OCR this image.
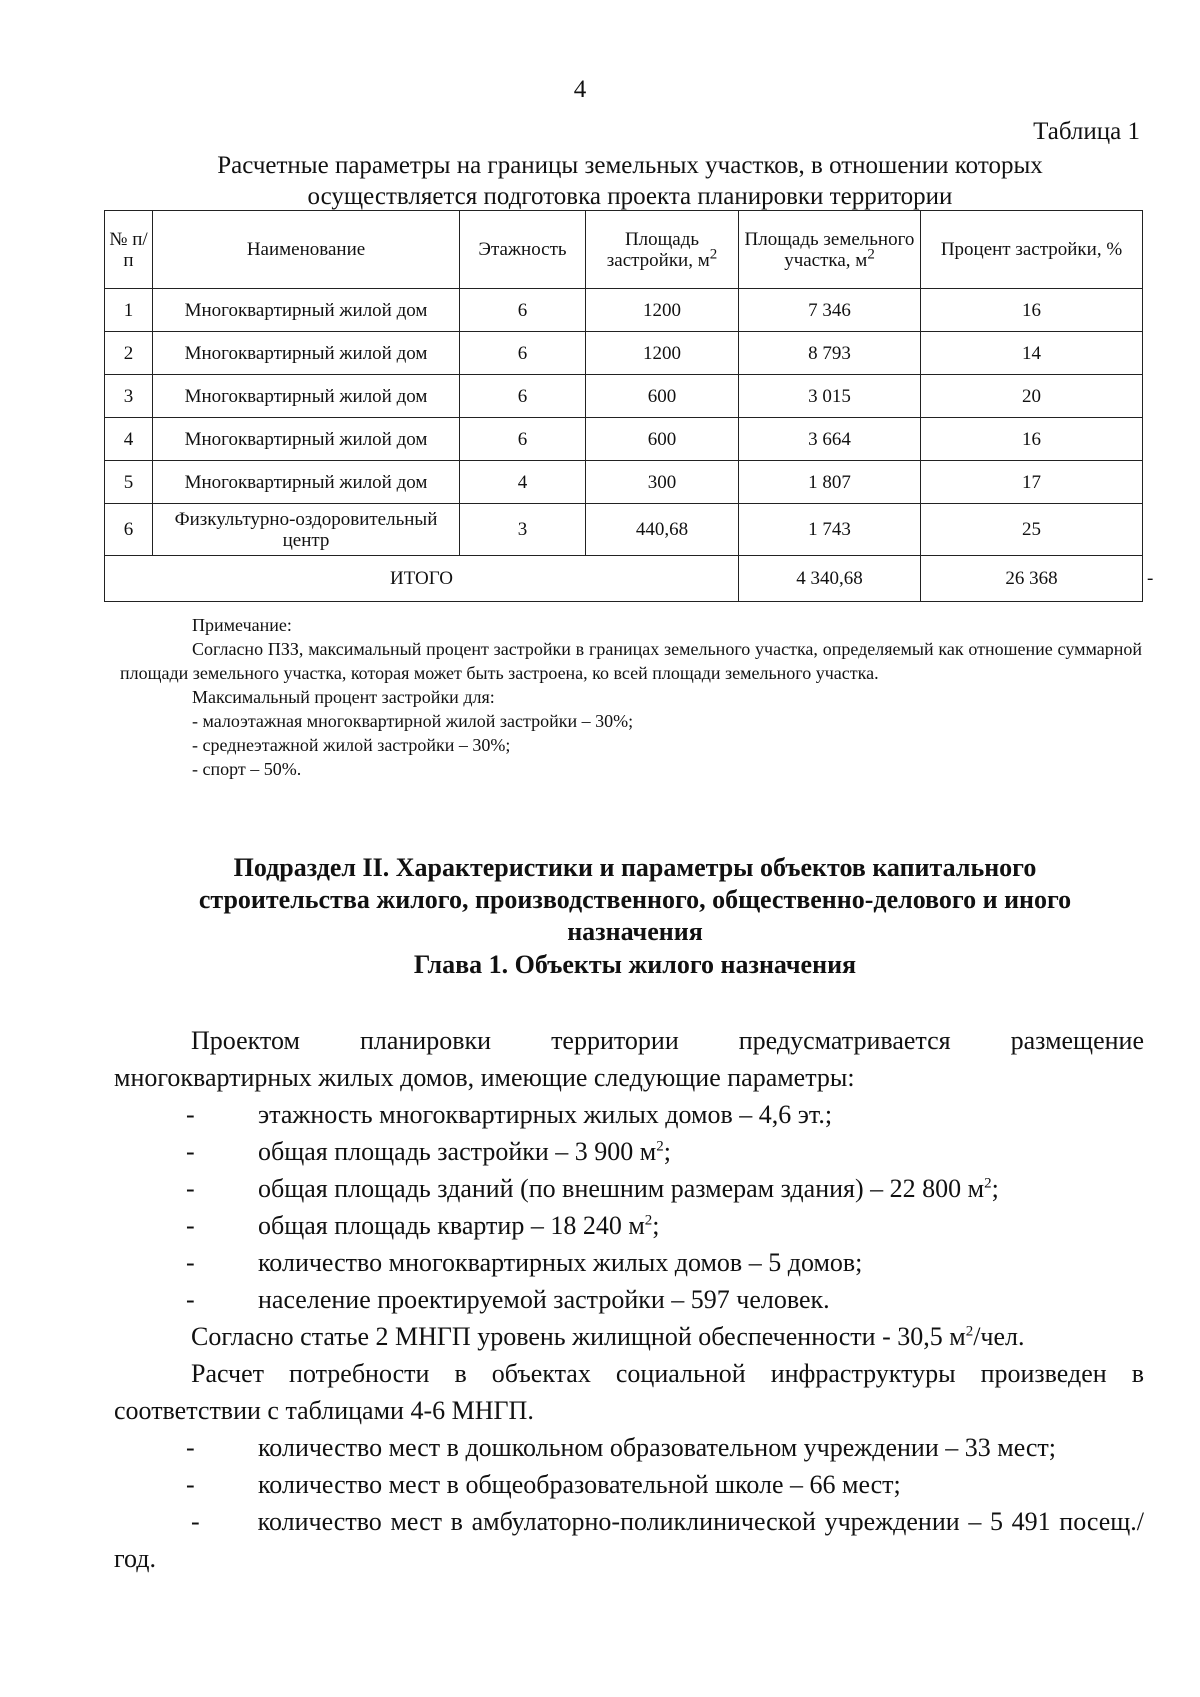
4
Таблица 1
Расчетные параметры на границы земельных участков, в отношении которых
осуществляется подготовка проекта планировки территории
№ п/п	Наименование	Этажность	Площадь застройки, $м^2$	Площадь земельного участка, $м^2$	Процент застройки, %	
1	Многоквартирный жилой дом	6	1200	7 346	16	
2	Многоквартирный жилой дом	6	1200	8 793	14	
3	Многоквартирный жилой дом	6	600	3 015	20	
4	Многоквартирный жилой дом	6	600	3 664	16	
5	Многоквартирный жилой дом	4	300	1 807	17	
6	Физкультурно-оздоровительный центр	3	440,68	1 743	25	
ИТОГО				4 340,68	26 368	-

Примечание:

Согласно ПЗЗ, максимальный процент застройки в границах земельного участка, определяемый как отношение суммарной площади земельного участка, которая может быть застроена, ко всей площади земельного участка.

Максимальный процент застройки для:

- малоэтажная многоквартирной жилой застройки – 30%;

- среднеэтажной жилой застройки – 30%;

- спорт – 50%.

Подраздел II. Характеристики и параметры объектов капитального
строительства жилого, производственного, общественно-делового и иного
назначения
Глава 1. Объекты жилого назначения

Проектом планировки территории предусматривается размещение

многоквартирных жилых домов, имеющие следующие параметры:

-	этажность многоквартирных жилых домов – 4,6 эт.;
-	общая площадь застройки – 3 900 $м^2$;
-	общая площадь зданий (по внешним размерам здания) – 22 800 $м^2$;
-	общая площадь квартир – 18 240 $м^2$;
-	количество многоквартирных жилых домов – 5 домов;
-	население проектируемой застройки – 597 человек.

Согласно статье 2 МНГП уровень жилищной обеспеченности - 30,5 $м^2$/чел.

Расчет потребности в объектах социальной инфраструктуры произведен в соответствии с таблицами 4-6 МНГП.

-	количество мест в дошкольном образовательном учреждении – 33 мест;
-	количество мест в общеобразовательной школе – 66 мест;

- количество мест в амбулаторно-поликлинической учреждении – 5 491 посещ./год.
